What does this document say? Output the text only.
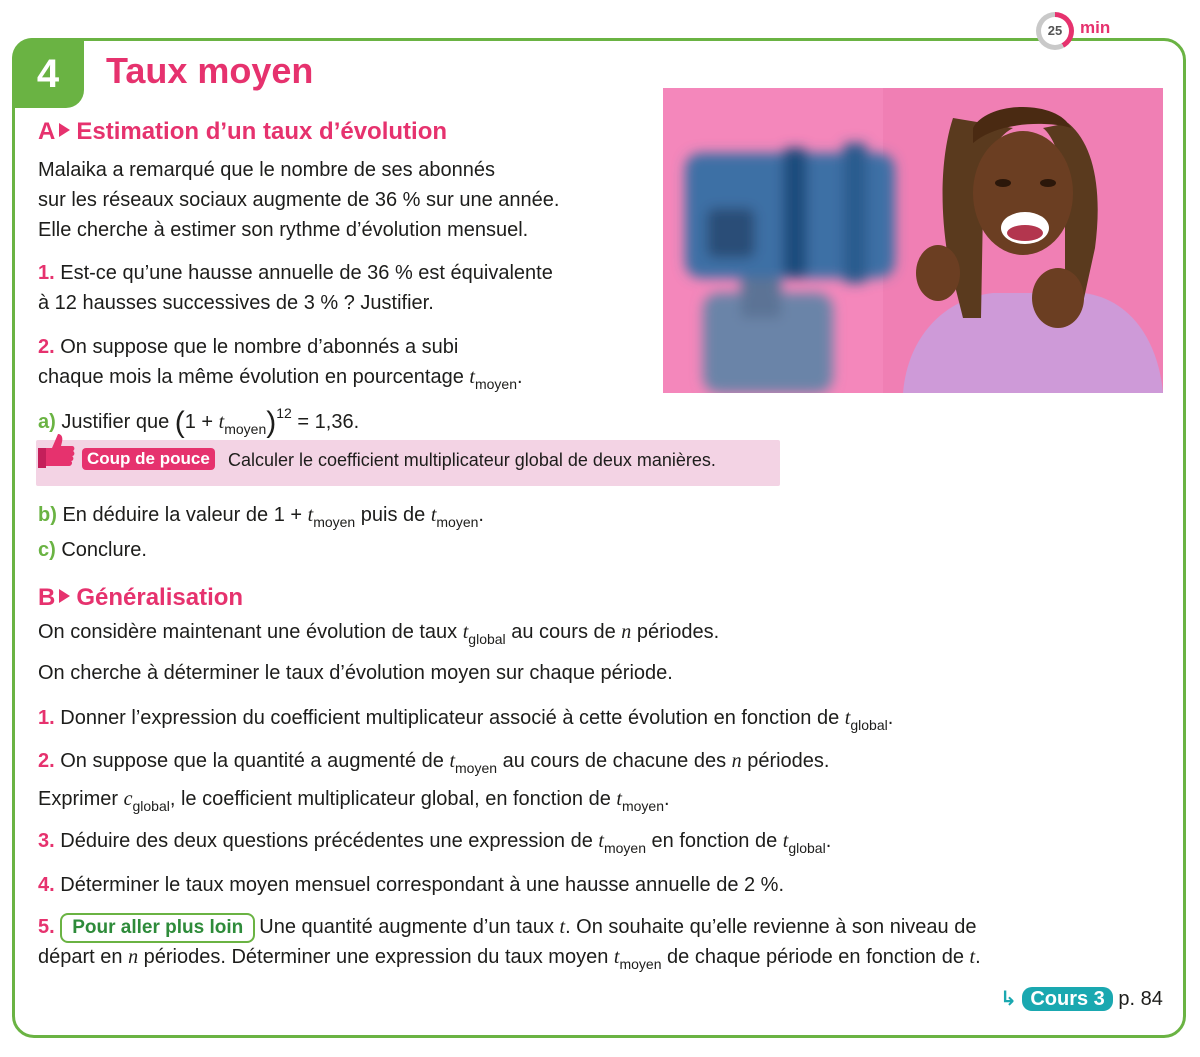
4	Taux moyen
25	min
A Estimation d’un taux d’évolution
Malaika a remarqué que le nombre de ses abonnés
sur les réseaux sociaux augmente de 36 % sur une année.
Elle cherche à estimer son rythme d’évolution mensuel.
1. Est-ce qu’une hausse annuelle de 36 % est équivalente
à 12 hausses successives de 3 % ? Justifier.
2. On suppose que le nombre d’abonnés a subi
chaque mois la même évolution en pourcentage $t_{moyen}$.
a) Justifier que $(1 + t_{moyen})^{12} = 1,36$.
Coup de pouce Calculer le coefficient multiplicateur global de deux manières.
b) En déduire la valeur de $1 + t_{moyen}$ puis de $t_{moyen}$.
c) Conclure.
B Généralisation
On considère maintenant une évolution de taux $t_{global}$ au cours de n périodes.
On cherche à déterminer le taux d’évolution moyen sur chaque période.
1. Donner l’expression du coefficient multiplicateur associé à cette évolution en fonction de $t_{global}$.
2. On suppose que la quantité a augmenté de $t_{moyen}$ au cours de chacune des n périodes.
Exprimer $c_{global}$, le coefficient multiplicateur global, en fonction de $t_{moyen}$.
3. Déduire des deux questions précédentes une expression de $t_{moyen}$ en fonction de $t_{global}$.
4. Déterminer le taux moyen mensuel correspondant à une hausse annuelle de 2 %.
5. Pour aller plus loin Une quantité augmente d’un taux t. On souhaite qu’elle revienne à son niveau de
départ en n périodes. Déterminer une expression du taux moyen $t_{moyen}$ de chaque période en fonction de t.
↳ Cours 3 p. 84
